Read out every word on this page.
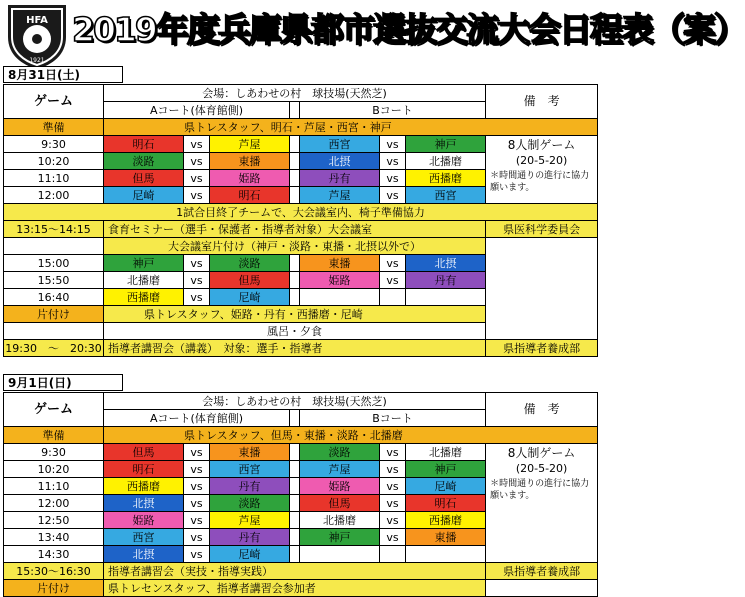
HFA
1921
2019年度兵庫県都市選抜交流大会日程表（案）
8月31日(土)
ゲーム	会場：しあわせの村　球技場(天然芝)							備　考
	Aコート(体育館側)				Bコート			
準備	県トレスタッフ、明石・芦屋・西宮・神戸							
9:30	明石	vs	芦屋		西宮	vs	神戸	8人制ゲーム
(20-5-20)
＊時間通りの進行に協力願います。

10:20	淡路	vs	東播		北摂	vs	北播磨	
11:10	但馬	vs	姫路		丹有	vs	西播磨	
12:00	尼崎	vs	明石		芦屋	vs	西宮	
1試合目終了チームで、大会議室内、椅子準備協力								
13:15～14:15	食育セミナー（選手・保護者・指導者対象）大会議室							県医科学委員会
	大会議室片付け（神戸・淡路・東播・北摂以外で）							
15:00	神戸	vs	淡路		東播	vs	北摂	
15:50	北播磨	vs	但馬		姫路	vs	丹有	
16:40	西播磨	vs	尼崎					
片付け	県トレスタッフ、姫路・丹有・西播磨・尼崎							
	風呂・夕食							
19:30　～　20:30	指導者講習会（講義）　対象：選手・指導者							県指導者養成部
9月1日(日)
ゲーム	会場：しあわせの村　球技場(天然芝)							備　考
	Aコート(体育館側)				Bコート			
準備	県トレスタッフ、但馬・東播・淡路・北播磨							
9:30	但馬	vs	東播		淡路	vs	北播磨	8人制ゲーム
(20-5-20)
＊時間通りの進行に協力願います。

10:20	明石	vs	西宮		芦屋	vs	神戸	
11:10	西播磨	vs	丹有		姫路	vs	尼崎	
12:00	北摂	vs	淡路		但馬	vs	明石	
12:50	姫路	vs	芦屋		北播磨	vs	西播磨	
13:40	西宮	vs	丹有		神戸	vs	東播	
14:30	北摂	vs	尼崎					
15:30～16:30	指導者講習会（実技・指導実践）							県指導者養成部
片付け	県トレセンスタッフ、指導者講習会参加者							
